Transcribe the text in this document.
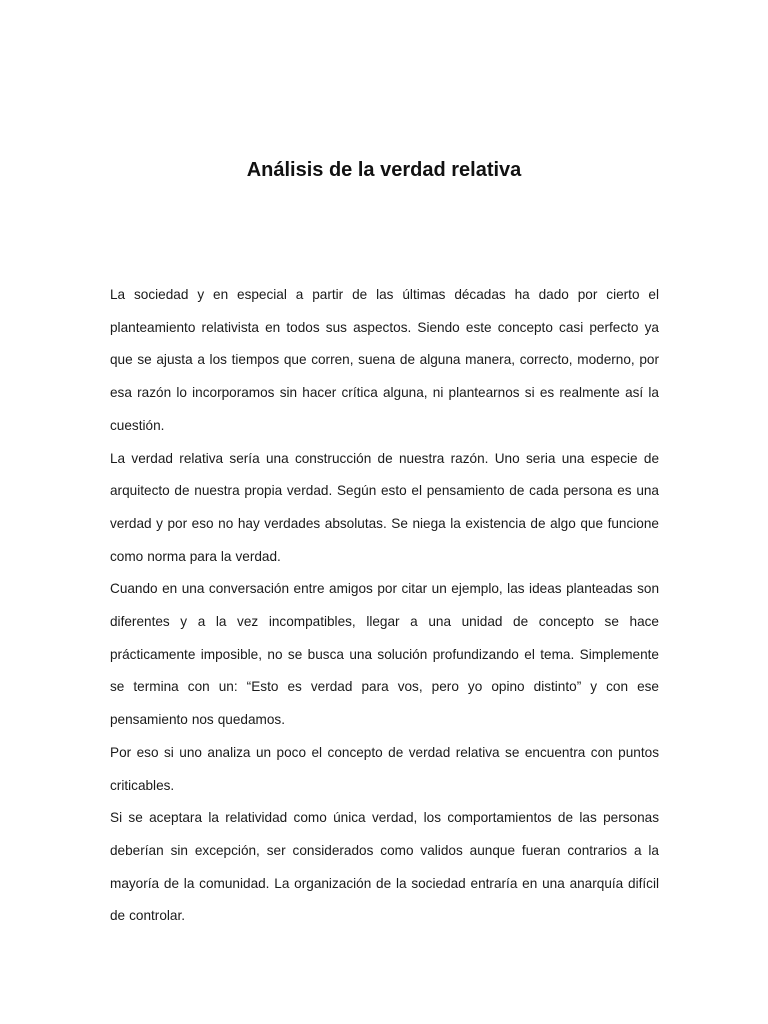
Análisis de la verdad relativa

La sociedad y en especial a partir de las últimas décadas ha dado por cierto el planteamiento relativista en todos sus aspectos. Siendo este concepto casi perfecto ya que se ajusta a los tiempos que corren, suena de alguna manera, correcto, moderno, por esa razón lo incorporamos sin hacer crítica alguna, ni plantearnos si es realmente así la cuestión.

La verdad relativa sería una construcción de nuestra razón. Uno seria una especie de arquitecto de nuestra propia verdad. Según esto el pensamiento de cada persona es una verdad y por eso no hay verdades absolutas. Se niega la existencia de algo que funcione como norma para la verdad.

Cuando en una conversación entre amigos por citar un ejemplo, las ideas planteadas son diferentes y a la vez incompatibles, llegar a una unidad de concepto se hace prácticamente imposible, no se busca una solución profundizando el tema. Simplemente se termina con un: “Esto es verdad para vos, pero yo opino distinto” y con ese pensamiento nos quedamos.

Por eso si uno analiza un poco el concepto de verdad relativa se encuentra con puntos criticables.

Si se aceptara la relatividad como única verdad, los comportamientos de las personas deberían sin excepción, ser considerados como validos aunque fueran contrarios a la mayoría de la comunidad. La organización de la sociedad entraría en una anarquía difícil de controlar.
